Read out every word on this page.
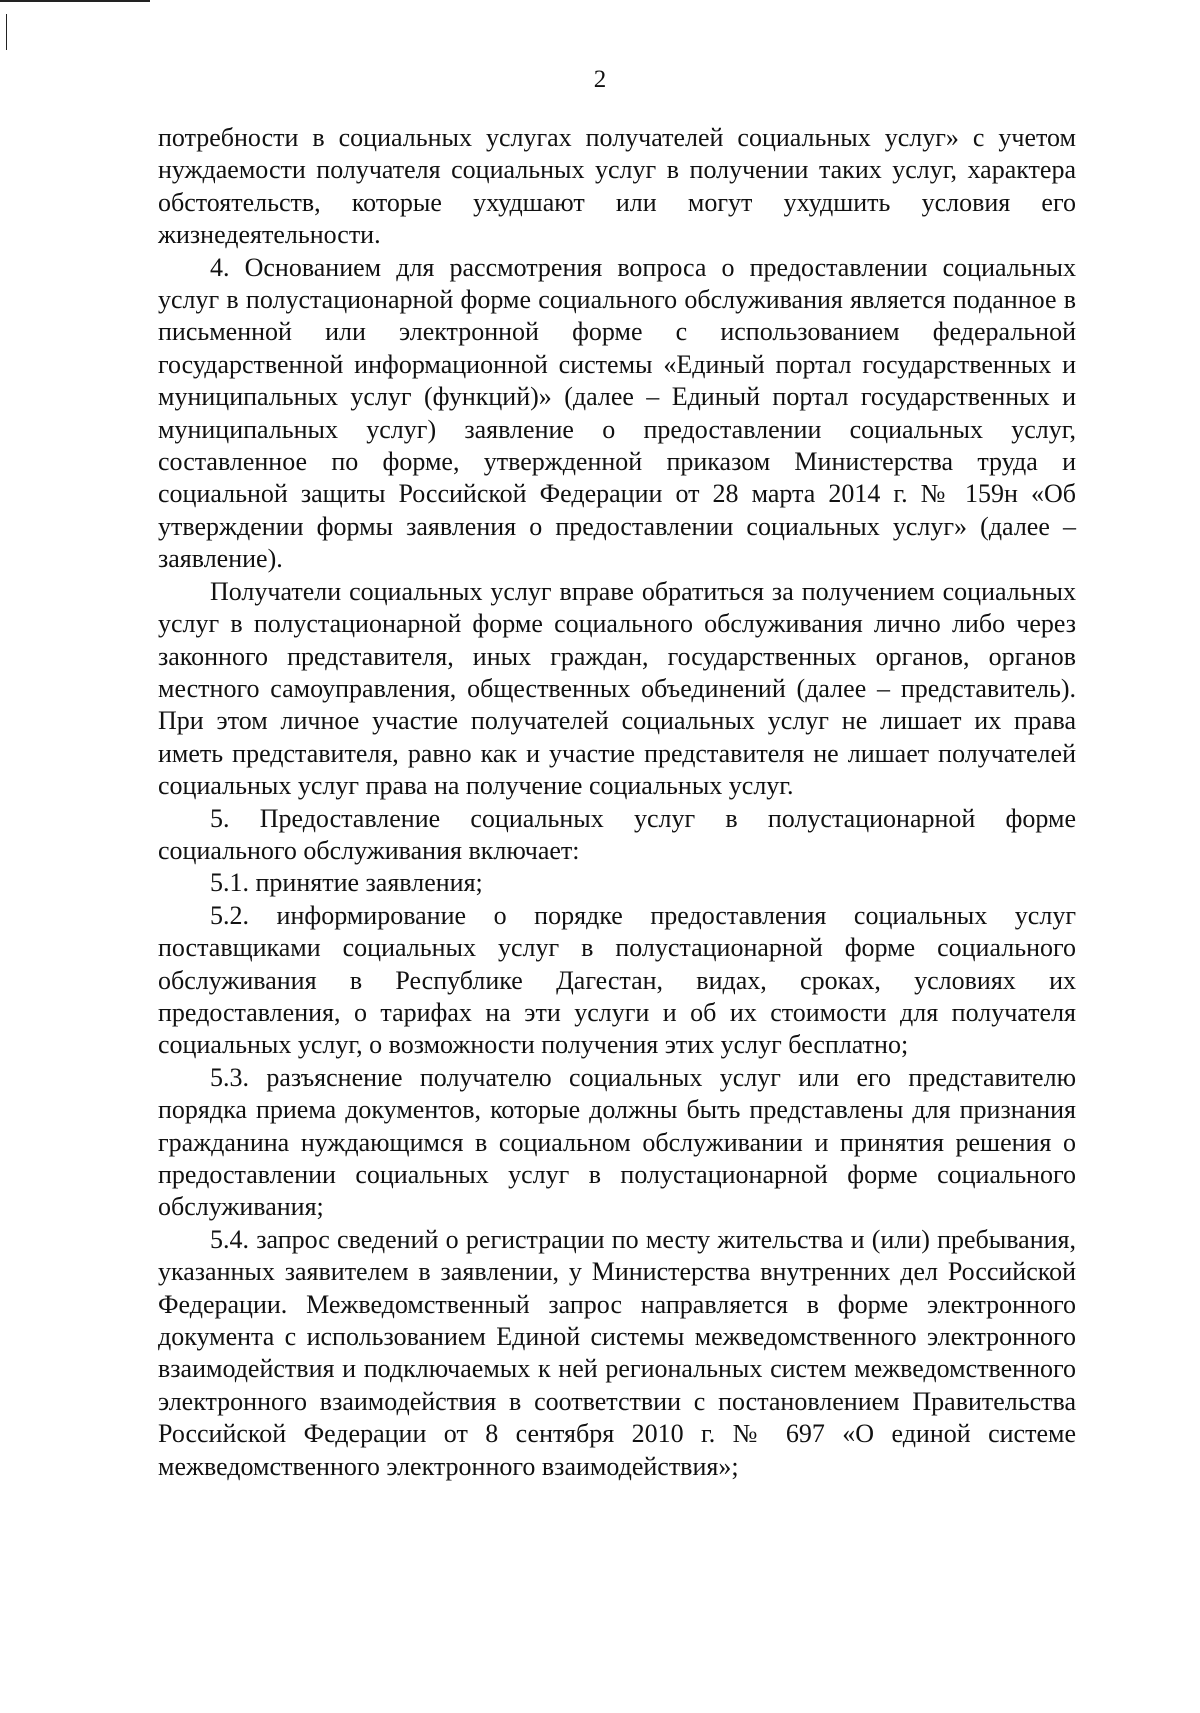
2

потребности в социальных услугах получателей социальных услуг» с учетом нуждаемости получателя социальных услуг в получении таких услуг, характера обстоятельств, которые ухудшают или могут ухудшить условия его жизнедеятельности.

4. Основанием для рассмотрения вопроса о предоставлении социальных услуг в полустационарной форме социального обслуживания является поданное в письменной или электронной форме с использованием федеральной государственной информационной системы «Единый портал государственных и муниципальных услуг (функций)» (далее – Единый портал государственных и муниципальных услуг) заявление о предоставлении социальных услуг, составленное по форме, утвержденной приказом Министерства труда и социальной защиты Российской Федерации от 28 марта 2014 г. № 159н «Об утверждении формы заявления о предоставлении социальных услуг» (далее – заявление).

Получатели социальных услуг вправе обратиться за получением социальных услуг в полустационарной форме социального обслуживания лично либо через законного представителя, иных граждан, государственных органов, органов местного самоуправления, общественных объединений (далее – представитель). При этом личное участие получателей социальных услуг не лишает их права иметь представителя, равно как и участие представителя не лишает получателей социальных услуг права на получение социальных услуг.

5. Предоставление социальных услуг в полустационарной форме социального обслуживания включает:

5.1. принятие заявления;

5.2. информирование о порядке предоставления социальных услуг поставщиками социальных услуг в полустационарной форме социального обслуживания в Республике Дагестан, видах, сроках, условиях их предоставления, о тарифах на эти услуги и об их стоимости для получателя социальных услуг, о возможности получения этих услуг бесплатно;

5.3. разъяснение получателю социальных услуг или его представителю порядка приема документов, которые должны быть представлены для признания гражданина нуждающимся в социальном обслуживании и принятия решения о предоставлении социальных услуг в полустационарной форме социального обслуживания;

5.4. запрос сведений о регистрации по месту жительства и (или) пребывания, указанных заявителем в заявлении, у Министерства внутренних дел Российской Федерации. Межведомственный запрос направляется в форме электронного документа с использованием Единой системы межведомственного электронного взаимодействия и подключаемых к ней региональных систем межведомственного электронного взаимодействия в соответствии с постановлением Правительства Российской Федерации от 8 сентября 2010 г. № 697 «О единой системе межведомственного электронного взаимодействия»;
